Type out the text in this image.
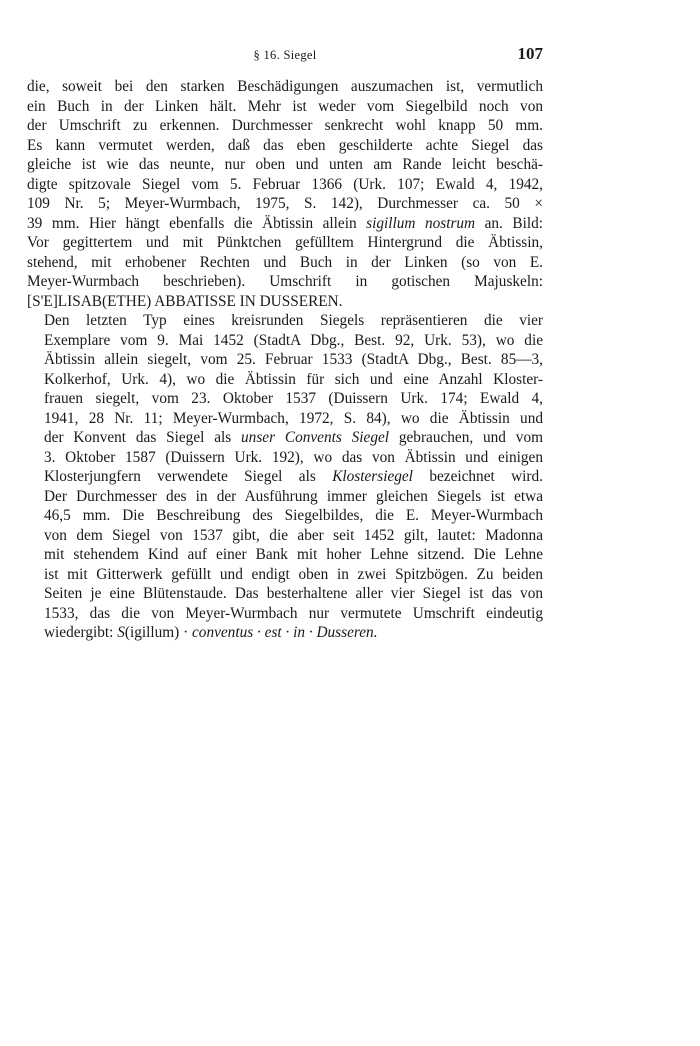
§ 16. Siegel	107
die, soweit bei den starken Beschädigungen auszumachen ist, vermutlich
ein Buch in der Linken hält. Mehr ist weder vom Siegelbild noch von
der Umschrift zu erkennen. Durchmesser senkrecht wohl knapp 50 mm.
Es kann vermutet werden, daß das eben geschilderte achte Siegel das
gleiche ist wie das neunte, nur oben und unten am Rande leicht beschä-
digte spitzovale Siegel vom 5. Februar 1366 (Urk. 107; Ewald 4, 1942,
109 Nr. 5; Meyer-Wurmbach, 1975, S. 142), Durchmesser ca. 50 ×
39 mm. Hier hängt ebenfalls die Äbtissin allein sigillum nostrum an. Bild:
Vor gegittertem und mit Pünktchen gefülltem Hintergrund die Äbtissin,
stehend, mit erhobener Rechten und Buch in der Linken (so von E.
Meyer-Wurmbach beschrieben). Umschrift in gotischen Majuskeln:
[S'E]LISAB(ETHE) ABBATISSE IN DUSSEREN.
Den letzten Typ eines kreisrunden Siegels repräsentieren die vier
Exemplare vom 9. Mai 1452 (StadtA Dbg., Best. 92, Urk. 53), wo die
Äbtissin allein siegelt, vom 25. Februar 1533 (StadtA Dbg., Best. 85—3,
Kolkerhof, Urk. 4), wo die Äbtissin für sich und eine Anzahl Kloster-
frauen siegelt, vom 23. Oktober 1537 (Duissern Urk. 174; Ewald 4,
1941, 28 Nr. 11; Meyer-Wurmbach, 1972, S. 84), wo die Äbtissin und
der Konvent das Siegel als unser Convents Siegel gebrauchen, und vom
3. Oktober 1587 (Duissern Urk. 192), wo das von Äbtissin und einigen
Klosterjungfern verwendete Siegel als Klostersiegel bezeichnet wird.
Der Durchmesser des in der Ausführung immer gleichen Siegels ist etwa
46,5 mm. Die Beschreibung des Siegelbildes, die E. Meyer-Wurmbach
von dem Siegel von 1537 gibt, die aber seit 1452 gilt, lautet: Madonna
mit stehendem Kind auf einer Bank mit hoher Lehne sitzend. Die Lehne
ist mit Gitterwerk gefüllt und endigt oben in zwei Spitzbögen. Zu beiden
Seiten je eine Blütenstaude. Das besterhaltene aller vier Siegel ist das von
1533, das die von Meyer-Wurmbach nur vermutete Umschrift eindeutig
wiedergibt: S(igillum) · conventus · est · in · Dusseren.
